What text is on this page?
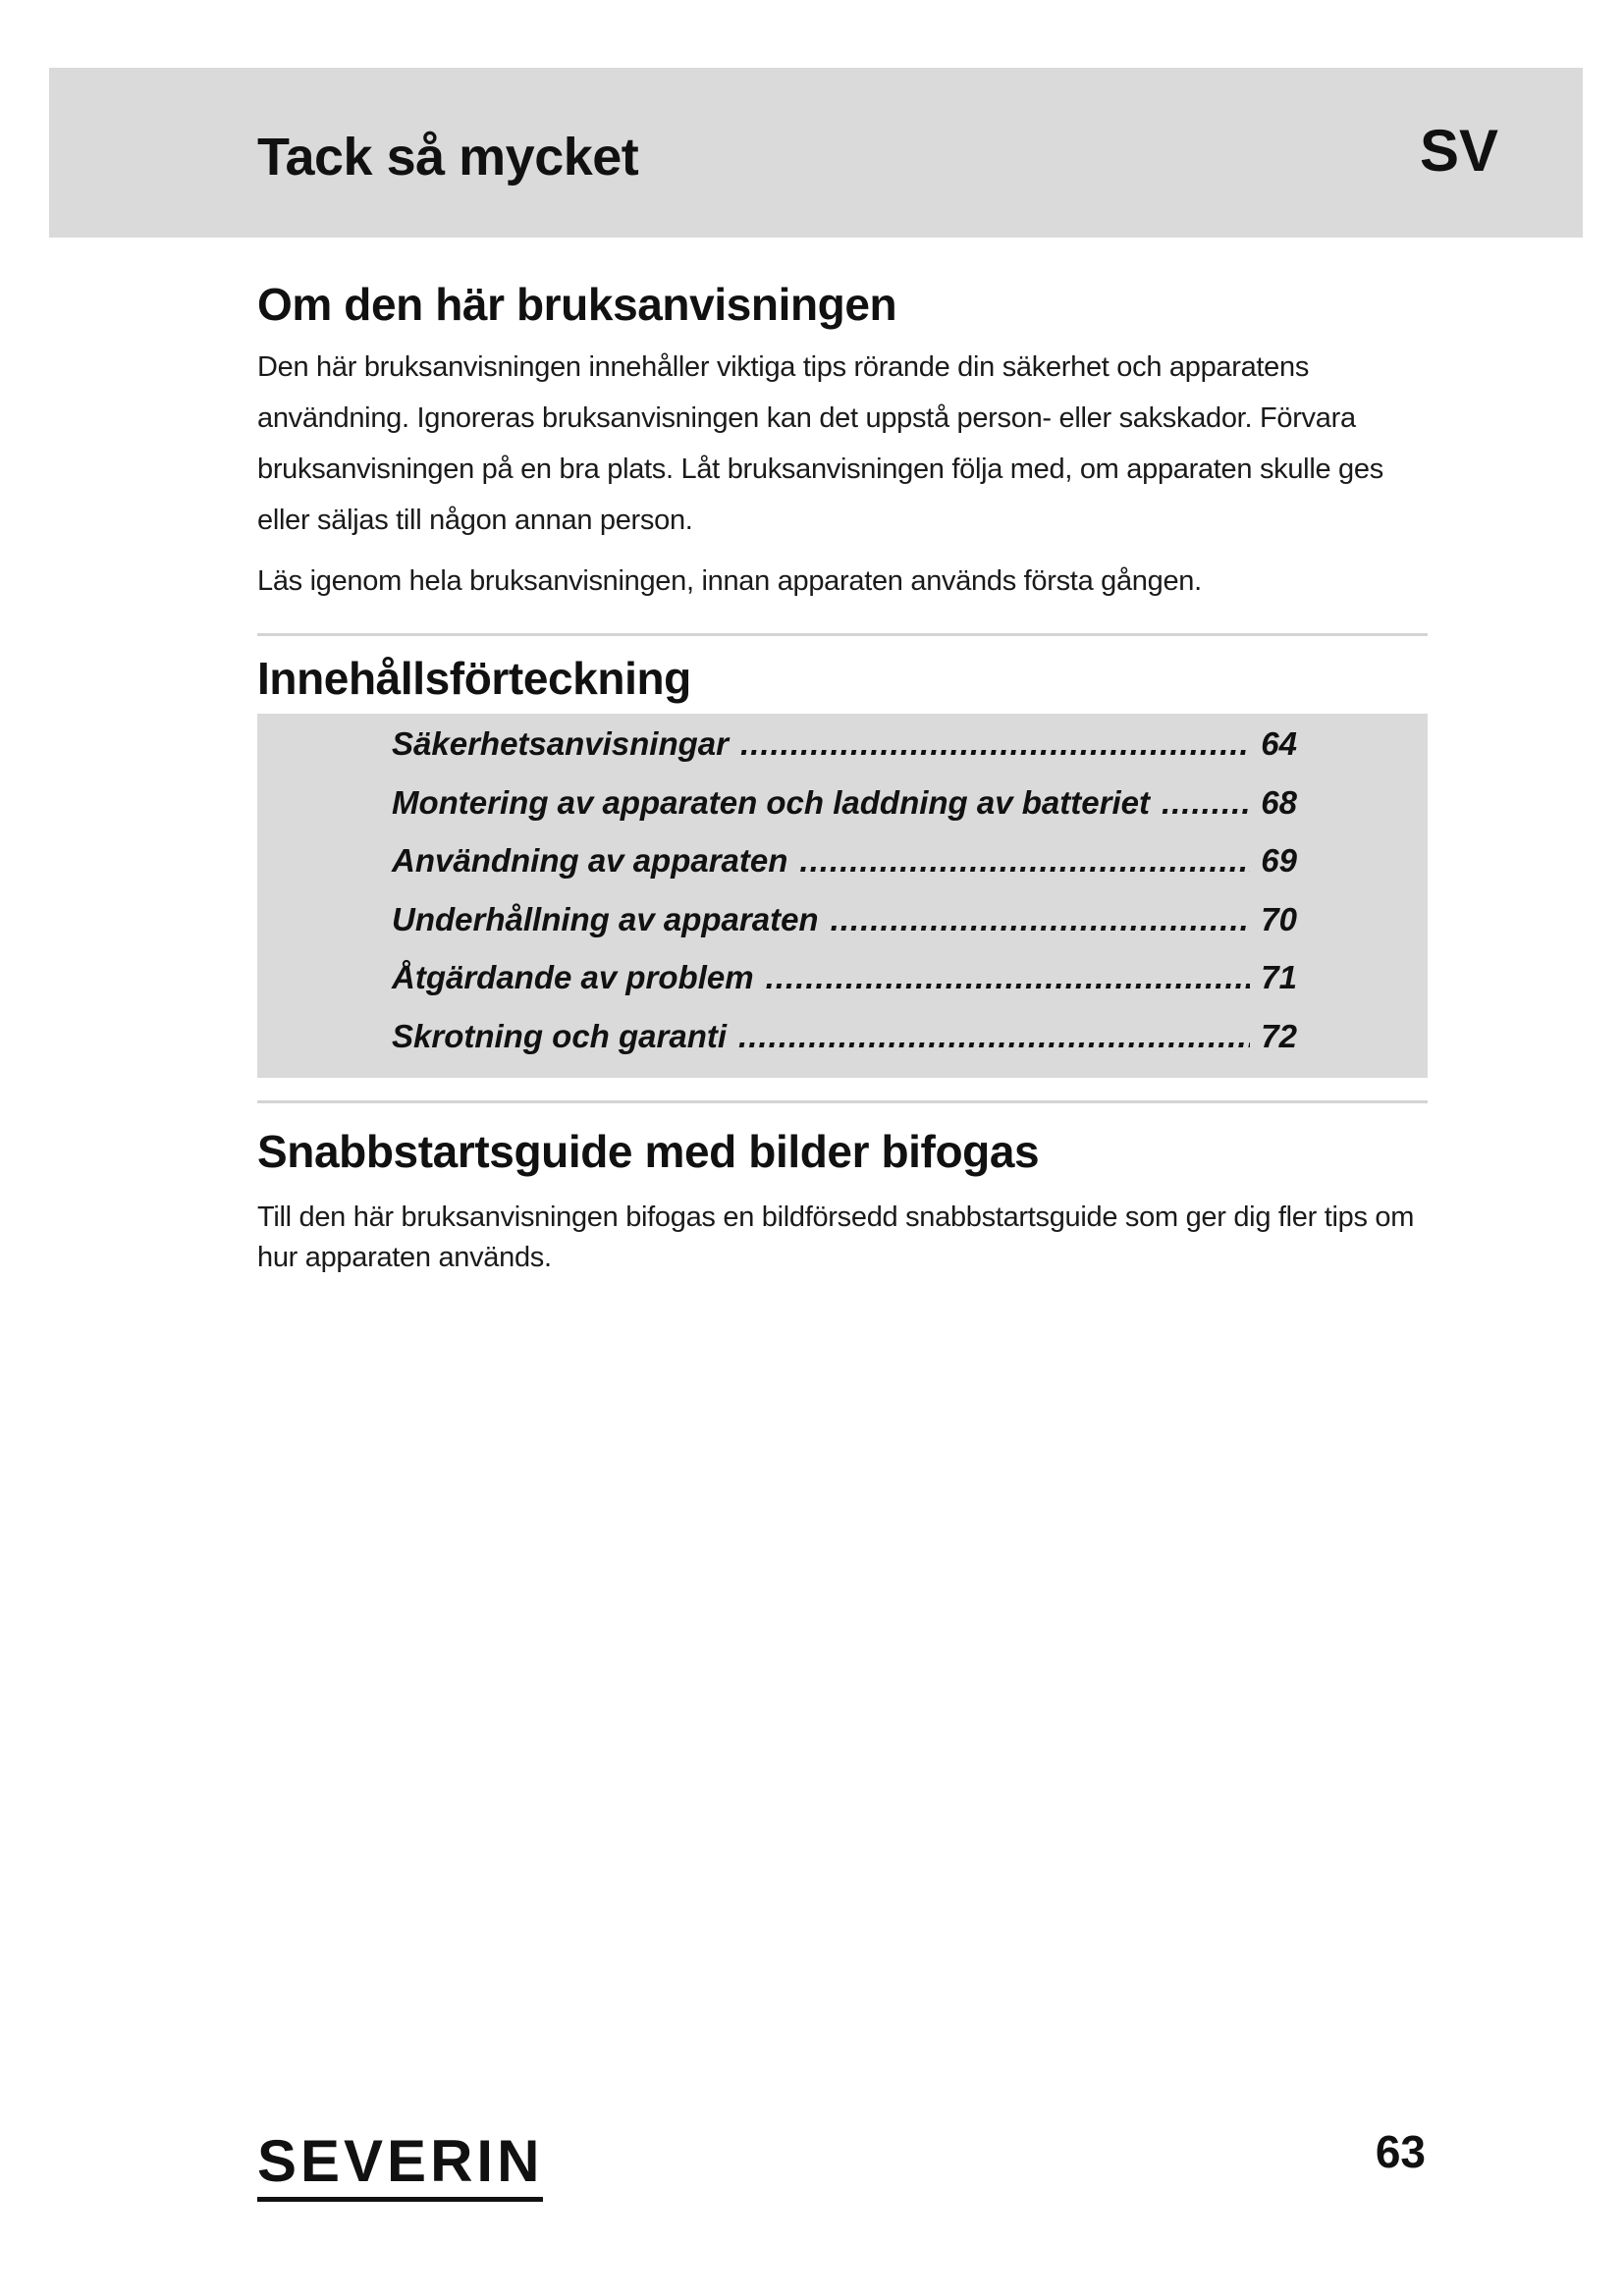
Tack så mycket	SV
Om den här bruksanvisningen

Den här bruksanvisningen innehåller viktiga tips rörande din säkerhet och apparatens användning. Ignoreras bruksanvisningen kan det uppstå person- eller sakskador. Förvara bruksanvisningen på en bra plats. Låt bruksanvisningen följa med, om apparaten skulle ges eller säljas till någon annan person.

Läs igenom hela bruksanvisningen, innan apparaten används första gången.

Innehållsförteckning
Säkerhetsanvisningar .....	64
Montering av apparaten och laddning av batteriet .....	68
Användning av apparaten .....	69
Underhållning av apparaten .....	70
Åtgärdande av problem .....	71
Skrotning och garanti .....	72
Snabbstartsguide med bilder bifogas

Till den här bruksanvisningen bifogas en bildförsedd snabbstartsguide som ger dig fler tips om hur apparaten används.

SEVERIN	63
